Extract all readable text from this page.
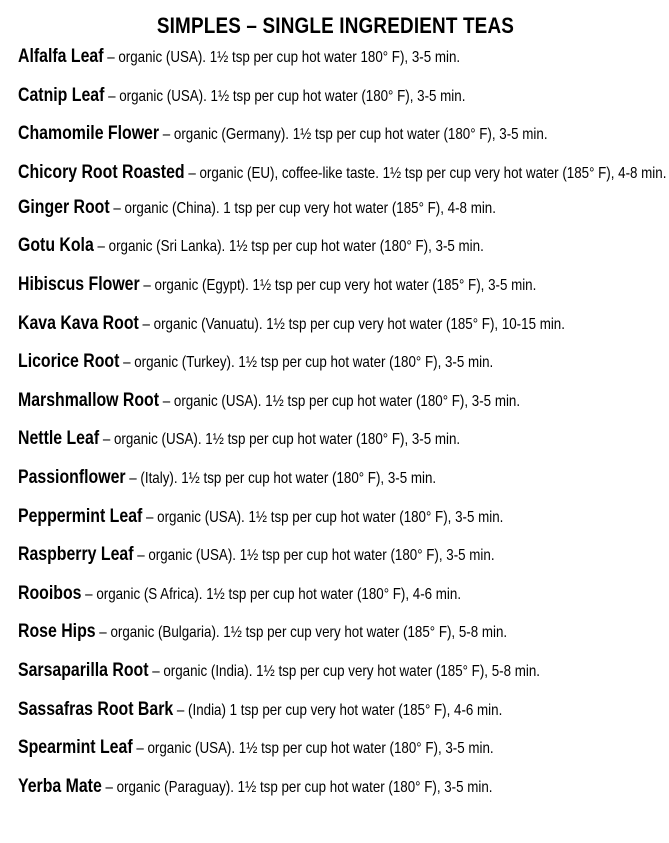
SIMPLES – SINGLE INGREDIENT TEAS
Alfalfa Leaf – organic (USA). 1½ tsp per cup hot water 180° F), 3-5 min.
Catnip Leaf – organic (USA). 1½ tsp per cup hot water (180° F), 3-5 min.
Chamomile Flower – organic (Germany). 1½ tsp per cup hot water (180° F), 3-5 min.
Chicory Root Roasted – organic (EU), coffee-like taste. 1½ tsp per cup very hot water (185° F), 4-8 min.
Ginger Root – organic (China). 1 tsp per cup very hot water (185° F), 4-8 min.
Gotu Kola – organic (Sri Lanka). 1½ tsp per cup hot water (180° F), 3-5 min.
Hibiscus Flower – organic (Egypt). 1½ tsp per cup very hot water (185° F), 3-5 min.
Kava Kava Root – organic (Vanuatu). 1½ tsp per cup very hot water (185° F), 10-15 min.
Licorice Root – organic (Turkey). 1½ tsp per cup hot water (180° F), 3-5 min.
Marshmallow Root – organic (USA). 1½ tsp per cup hot water (180° F), 3-5 min.
Nettle Leaf – organic (USA). 1½ tsp per cup hot water (180° F), 3-5 min.
Passionflower – (Italy). 1½ tsp per cup hot water (180° F), 3-5 min.
Peppermint Leaf – organic (USA). 1½ tsp per cup hot water (180° F), 3-5 min.
Raspberry Leaf – organic (USA). 1½ tsp per cup hot water (180° F), 3-5 min.
Rooibos – organic (S Africa). 1½ tsp per cup hot water (180° F), 4-6 min.
Rose Hips – organic (Bulgaria). 1½ tsp per cup very hot water (185° F), 5-8 min.
Sarsaparilla Root – organic (India). 1½ tsp per cup very hot water (185° F), 5-8 min.
Sassafras Root Bark – (India) 1 tsp per cup very hot water (185° F), 4-6 min.
Spearmint Leaf – organic (USA). 1½ tsp per cup hot water (180° F), 3-5 min.
Yerba Mate – organic (Paraguay). 1½ tsp per cup hot water (180° F), 3-5 min.
